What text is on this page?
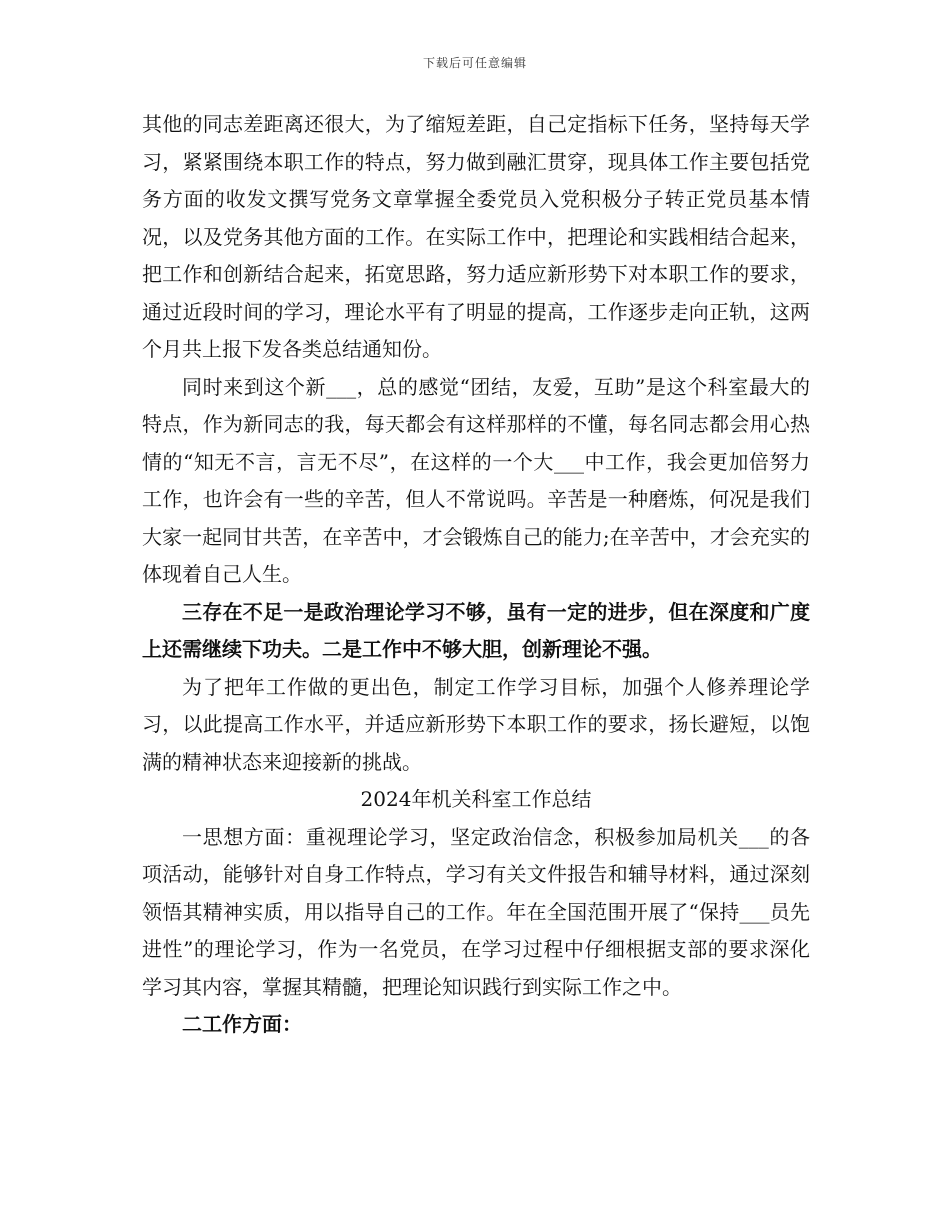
下载后可任意编辑

其他的同志差距离还很大，为了缩短差距，自己定指标下任务，坚持每天学习，紧紧围绕本职工作的特点，努力做到融汇贯穿，现具体工作主要包括党务方面的收发文撰写党务文章掌握全委党员入党积极分子转正党员基本情况，以及党务其他方面的工作。在实际工作中，把理论和实践相结合起来，把工作和创新结合起来，拓宽思路，努力适应新形势下对本职工作的要求，通过近段时间的学习，理论水平有了明显的提高，工作逐步走向正轨，这两个月共上报下发各类总结通知份。

同时来到这个新___，总的感觉“团结，友爱，互助”是这个科室最大的特点，作为新同志的我，每天都会有这样那样的不懂，每名同志都会用心热情的“知无不言，言无不尽”，在这样的一个大___中工作，我会更加倍努力工作，也许会有一些的辛苦，但人不常说吗。辛苦是一种磨炼，何况是我们大家一起同甘共苦，在辛苦中，才会锻炼自己的能力;在辛苦中，才会充实的体现着自己人生。

三存在不足一是政治理论学习不够，虽有一定的进步，但在深度和广度上还需继续下功夫。二是工作中不够大胆，创新理论不强。

为了把年工作做的更出色，制定工作学习目标，加强个人修养理论学习，以此提高工作水平，并适应新形势下本职工作的要求，扬长避短，以饱满的精神状态来迎接新的挑战。

2024年机关科室工作总结

一思想方面：重视理论学习，坚定政治信念，积极参加局机关___的各项活动，能够针对自身工作特点，学习有关文件报告和辅导材料，通过深刻领悟其精神实质，用以指导自己的工作。年在全国范围开展了“保持___员先进性”的理论学习，作为一名党员，在学习过程中仔细根据支部的要求深化学习其内容，掌握其精髓，把理论知识践行到实际工作之中。

二工作方面：
